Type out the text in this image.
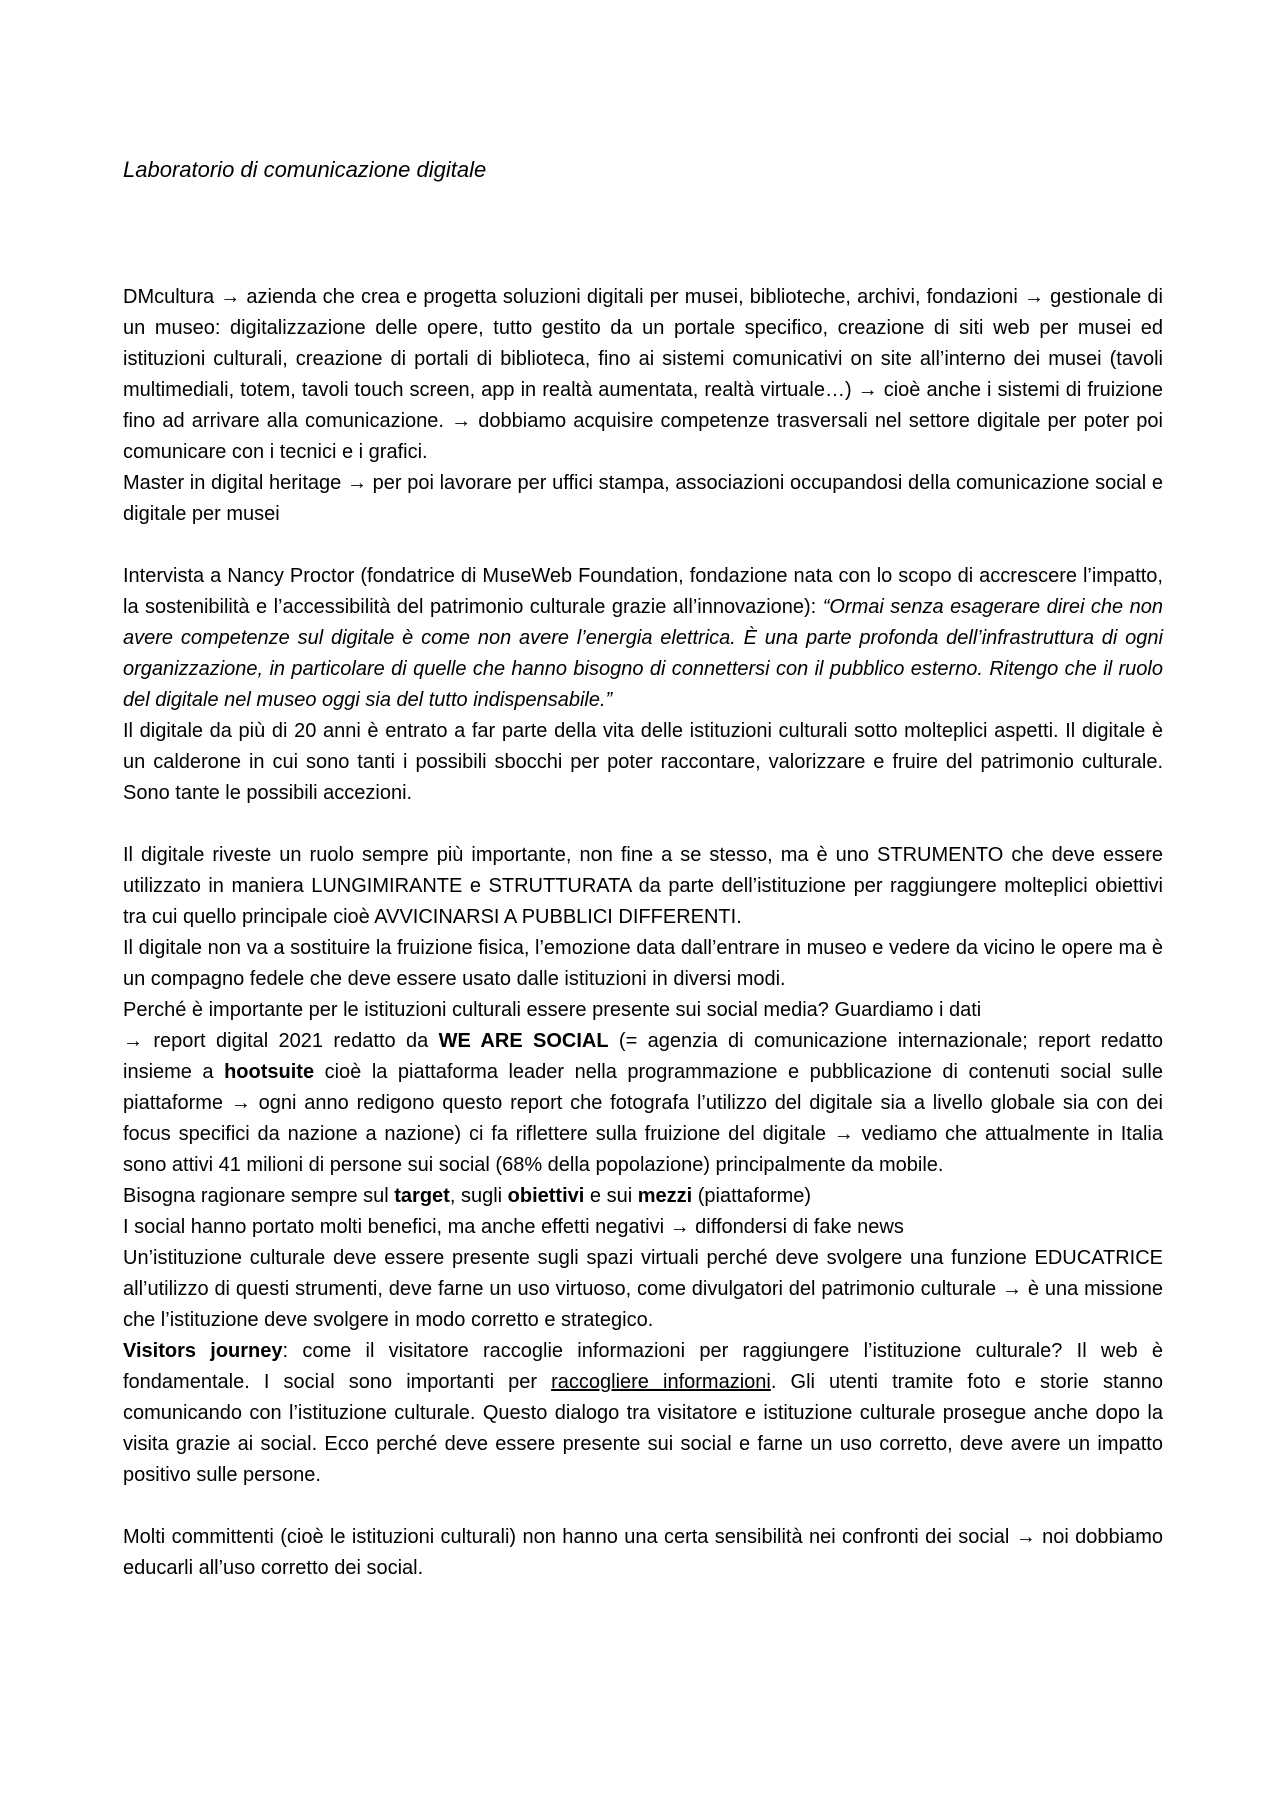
Laboratorio di comunicazione digitale

DMcultura → azienda che crea e progetta soluzioni digitali per musei, biblioteche, archivi, fondazioni → gestionale di un museo: digitalizzazione delle opere, tutto gestito da un portale specifico, creazione di siti web per musei ed istituzioni culturali, creazione di portali di biblioteca, fino ai sistemi comunicativi on site all’interno dei musei (tavoli multimediali, totem, tavoli touch screen, app in realtà aumentata, realtà virtuale…) → cioè anche i sistemi di fruizione fino ad arrivare alla comunicazione. → dobbiamo acquisire competenze trasversali nel settore digitale per poter poi comunicare con i tecnici e i grafici.

Master in digital heritage → per poi lavorare per uffici stampa, associazioni occupandosi della comunicazione social e digitale per musei

Intervista a Nancy Proctor (fondatrice di MuseWeb Foundation, fondazione nata con lo scopo di accrescere l’impatto, la sostenibilità e l’accessibilità del patrimonio culturale grazie all’innovazione): “Ormai senza esagerare direi che non avere competenze sul digitale è come non avere l’energia elettrica. È una parte profonda dell’infrastruttura di ogni organizzazione, in particolare di quelle che hanno bisogno di connettersi con il pubblico esterno. Ritengo che il ruolo del digitale nel museo oggi sia del tutto indispensabile.”

Il digitale da più di 20 anni è entrato a far parte della vita delle istituzioni culturali sotto molteplici aspetti. Il digitale è un calderone in cui sono tanti i possibili sbocchi per poter raccontare, valorizzare e fruire del patrimonio culturale. Sono tante le possibili accezioni.

Il digitale riveste un ruolo sempre più importante, non fine a se stesso, ma è uno STRUMENTO che deve essere utilizzato in maniera LUNGIMIRANTE e STRUTTURATA da parte dell’istituzione per raggiungere molteplici obiettivi tra cui quello principale cioè AVVICINARSI A PUBBLICI DIFFERENTI.

Il digitale non va a sostituire la fruizione fisica, l’emozione data dall’entrare in museo e vedere da vicino le opere ma è un compagno fedele che deve essere usato dalle istituzioni in diversi modi.

Perché è importante per le istituzioni culturali essere presente sui social media? Guardiamo i dati

→ report digital 2021 redatto da WE ARE SOCIAL (= agenzia di comunicazione internazionale; report redatto insieme a hootsuite cioè la piattaforma leader nella programmazione e pubblicazione di contenuti social sulle piattaforme → ogni anno redigono questo report che fotografa l’utilizzo del digitale sia a livello globale sia con dei focus specifici da nazione a nazione) ci fa riflettere sulla fruizione del digitale → vediamo che attualmente in Italia sono attivi 41 milioni di persone sui social (68% della popolazione) principalmente da mobile.

Bisogna ragionare sempre sul target, sugli obiettivi e sui mezzi (piattaforme)

I social hanno portato molti benefici, ma anche effetti negativi → diffondersi di fake news

Un’istituzione culturale deve essere presente sugli spazi virtuali perché deve svolgere una funzione EDUCATRICE all’utilizzo di questi strumenti, deve farne un uso virtuoso, come divulgatori del patrimonio culturale → è una missione che l’istituzione deve svolgere in modo corretto e strategico.

Visitors journey: come il visitatore raccoglie informazioni per raggiungere l’istituzione culturale? Il web è fondamentale. I social sono importanti per raccogliere informazioni. Gli utenti tramite foto e storie stanno comunicando con l’istituzione culturale. Questo dialogo tra visitatore e istituzione culturale prosegue anche dopo la visita grazie ai social. Ecco perché deve essere presente sui social e farne un uso corretto, deve avere un impatto positivo sulle persone.

Molti committenti (cioè le istituzioni culturali) non hanno una certa sensibilità nei confronti dei social → noi dobbiamo educarli all’uso corretto dei social.
